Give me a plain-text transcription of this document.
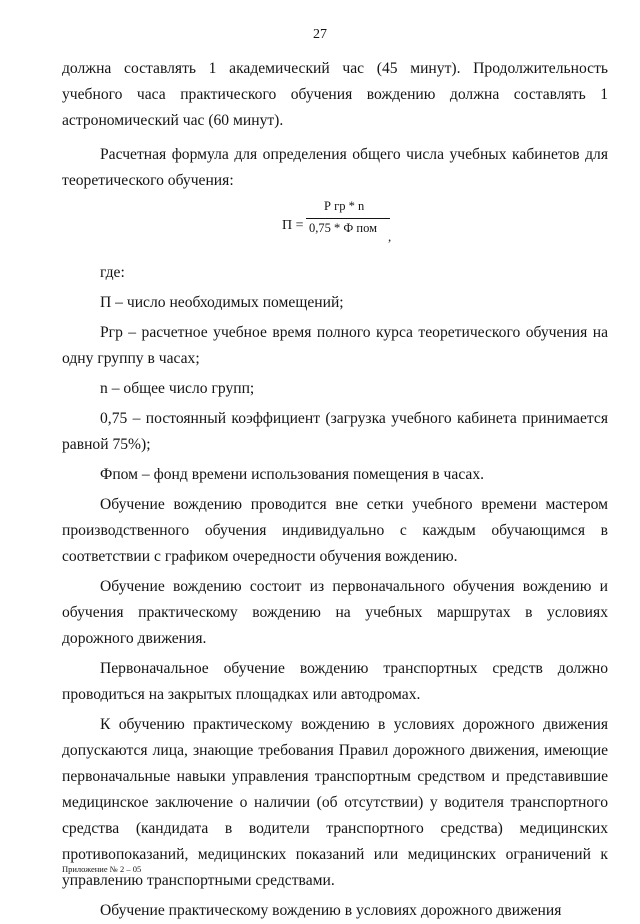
27

должна составлять 1 академический час (45 минут). Продолжительность учебного часа практического обучения вождению должна составлять 1 астрономический час (60 минут).

Расчетная формула для определения общего числа учебных кабинетов для теоретического обучения:

П =
Р гр * n
0,75 * Ф пом
,

где:

П – число необходимых помещений;

Ргр – расчетное учебное время полного курса теоретического обучения на одну группу в часах;

n – общее число групп;

0,75 – постоянный коэффициент (загрузка учебного кабинета принимается равной 75%);

Фпом – фонд времени использования помещения в часах.

Обучение вождению проводится вне сетки учебного времени мастером производственного обучения индивидуально с каждым обучающимся в соответствии с графиком очередности обучения вождению.

Обучение вождению состоит из первоначального обучения вождению и обучения практическому вождению на учебных маршрутах в условиях дорожного движения.

Первоначальное обучение вождению транспортных средств должно проводиться на закрытых площадках или автодромах.

К обучению практическому вождению в условиях дорожного движения допускаются лица, знающие требования Правил дорожного движения, имеющие первоначальные навыки управления транспортным средством и представившие медицинское заключение о наличии (об отсутствии) у водителя транспортного средства (кандидата в водители транспортного средства) медицинских противопоказаний, медицинских показаний или медицинских ограничений к управлению транспортными средствами.

Обучение практическому вождению в условиях дорожного движения

Приложение № 2 – 05
